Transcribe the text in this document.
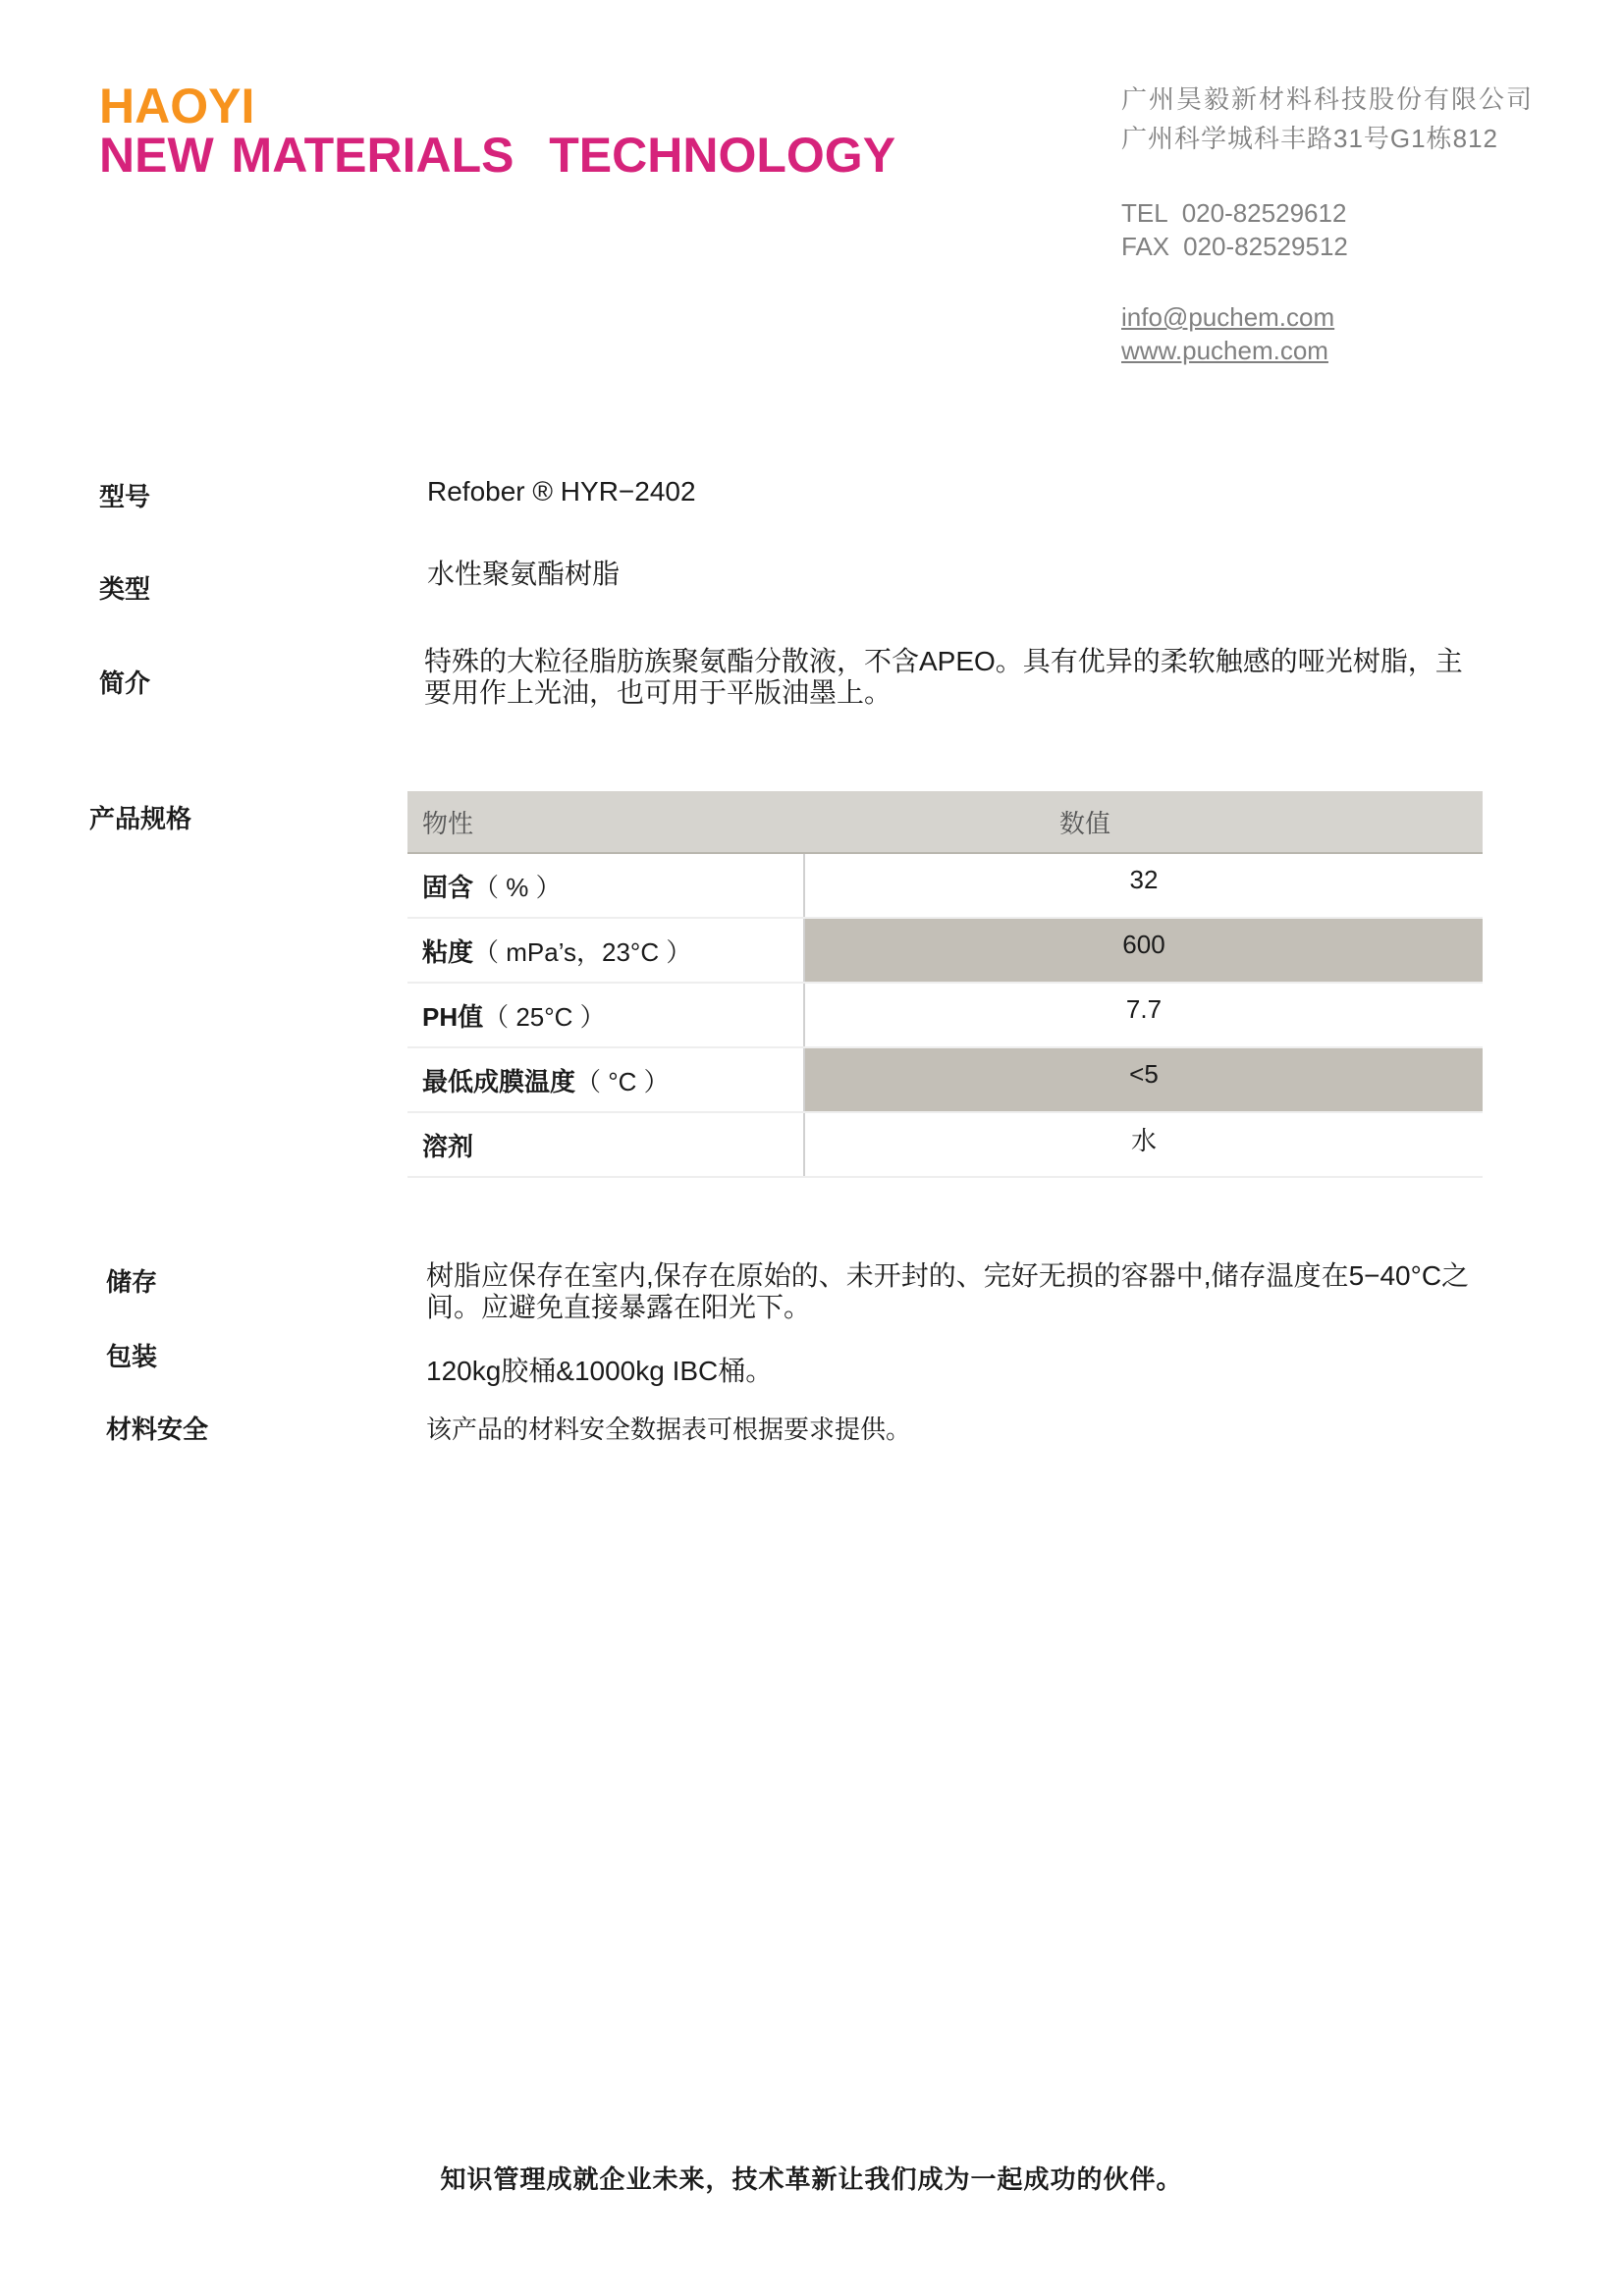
HAOYI
NEW MATERIALS  TECHNOLOGY
广州昊毅新材料科技股份有限公司
广州科学城科丰路31号G1栋812
TEL 020-82529612
FAX 020-82529512
info@puchem.com
www.puchem.com
型号	Refober ® HYR−2402
类型	水性聚氨酯树脂
简介
特殊的大粒径脂肪族聚氨酯分散液，不含APEO。具有优异的柔软触感的哑光树脂，主要用作上光油，也可用于平版油墨上。
产品规格	物性	数值
固含 （ % ）	32
粘度 （ mPa’s，23°C ）	600
PH值 （ 25°C ）	7.7
最低成膜温度 （ °C ）	<5
溶剂	水
储存	树脂应保存在室内,保存在原始的、未开封的、完好无损的容器中,储存温度在5−40°C之间。应避免直接暴露在阳光下。
包装	120kg胶桶&1000kg IBC桶。
材料安全	该产品的材料安全数据表可根据要求提供。
知识管理成就企业未来，技术革新让我们成为一起成功的伙伴。
